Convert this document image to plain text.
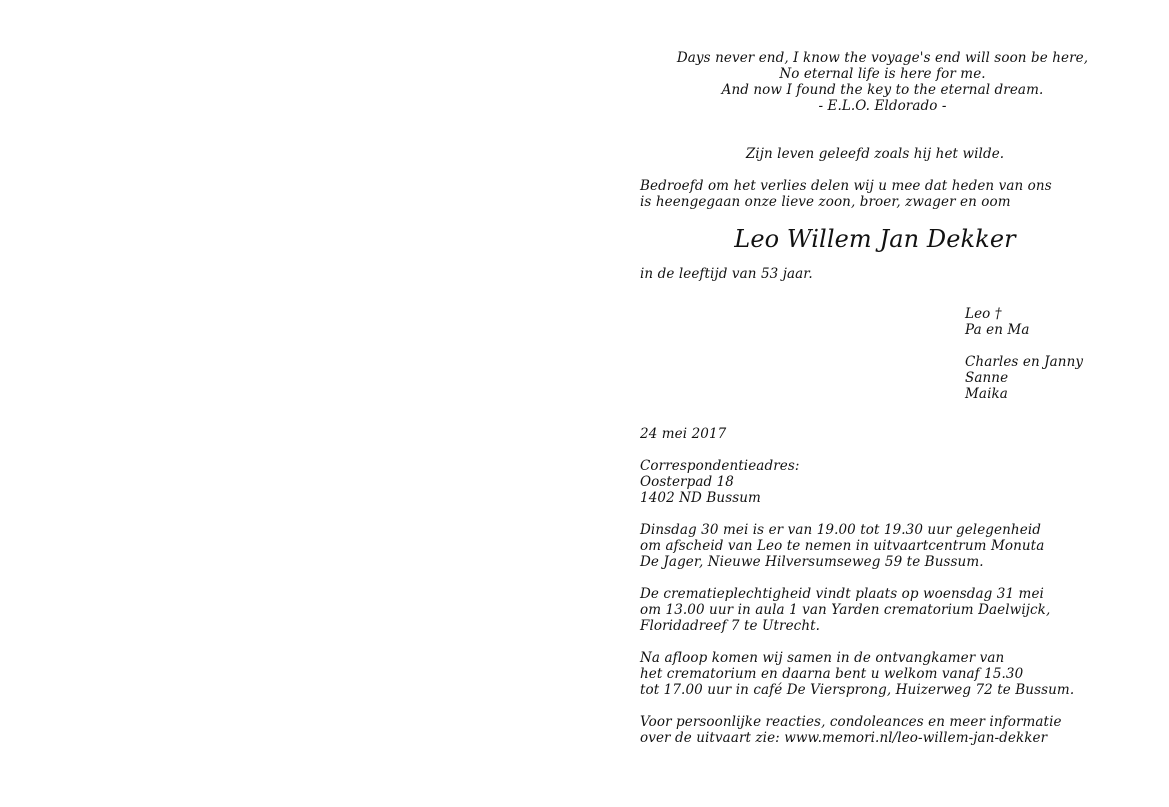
Days never end, I know the voyage's end will soon be here,
No eternal life is here for me.
And now I found the key to the eternal dream.
- E.L.O. Eldorado -
Zijn leven geleefd zoals hij het wilde.
Bedroefd om het verlies delen wij u mee dat heden van ons
is heengegaan onze lieve zoon, broer, zwager en oom
Leo Willem Jan Dekker
in de leeftijd van 53 jaar.
Leo †
Pa en Ma
Charles en Janny
Sanne
Maika
24 mei 2017
Correspondentieadres:
Oosterpad 18
1402 ND Bussum
Dinsdag 30 mei is er van 19.00 tot 19.30 uur gelegenheid
om afscheid van Leo te nemen in uitvaartcentrum Monuta
De Jager, Nieuwe Hilversumseweg 59 te Bussum.
De crematieplechtigheid vindt plaats op woensdag 31 mei
om 13.00 uur in aula 1 van Yarden crematorium Daelwijck,
Floridadreef 7 te Utrecht.
Na afloop komen wij samen in de ontvangkamer van
het crematorium en daarna bent u welkom vanaf 15.30
tot 17.00 uur in café De Viersprong, Huizerweg 72 te Bussum.
Voor persoonlijke reacties, condoleances en meer informatie
over de uitvaart zie: www.memori.nl/leo-willem-jan-dekker
